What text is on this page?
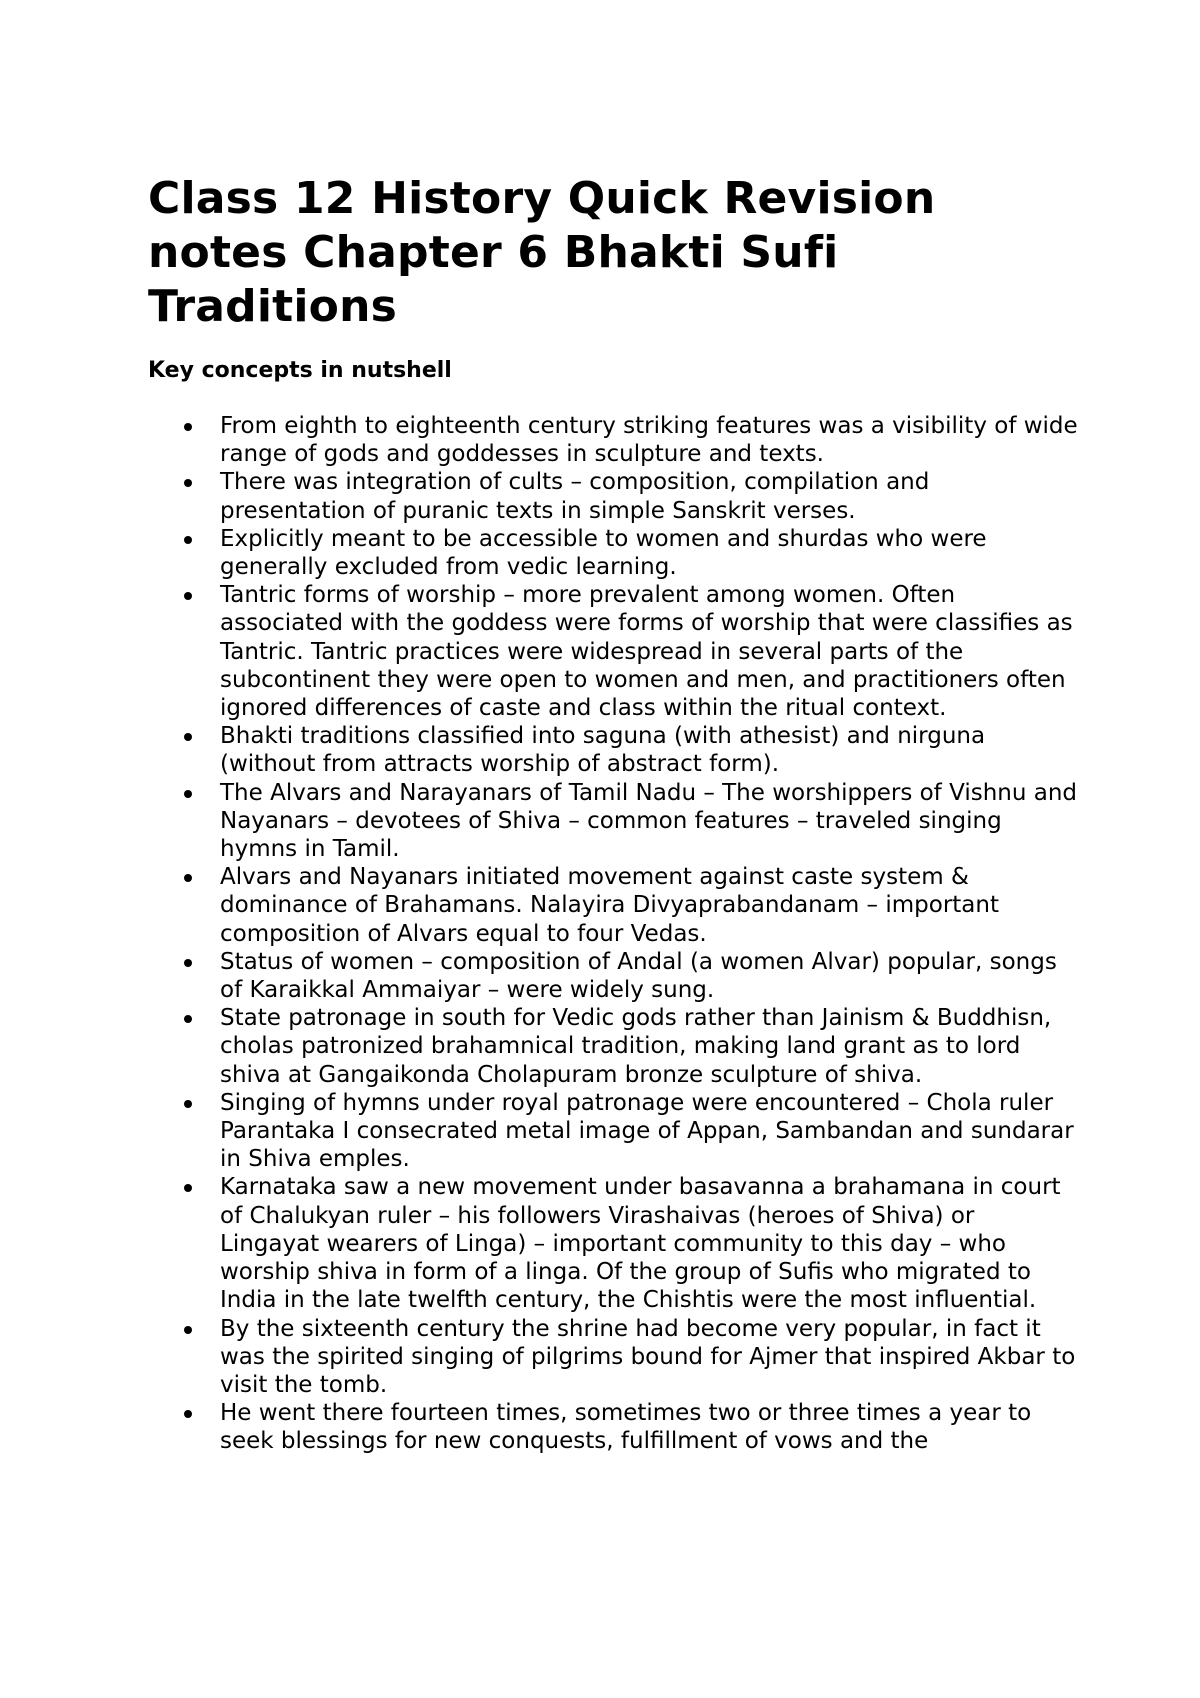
Class 12 History Quick Revision notes Chapter 6 Bhakti Sufi Traditions
Key concepts in nutshell
From eighth to eighteenth century striking features was a visibility of wide range of gods and goddesses in sculpture and texts.
There was integration of cults – composition, compilation and presentation of puranic texts in simple Sanskrit verses.
Explicitly meant to be accessible to women and shurdas who were generally excluded from vedic learning.
Tantric forms of worship – more prevalent among women. Often associated with the goddess were forms of worship that were classifies as Tantric. Tantric practices were widespread in several parts of the subcontinent they were open to women and men, and practitioners often ignored differences of caste and class within the ritual context.
Bhakti traditions classified into saguna (with athesist) and nirguna (without from attracts worship of abstract form).
The Alvars and Narayanars of Tamil Nadu – The worshippers of Vishnu and Nayanars – devotees of Shiva – common features – traveled singing hymns in Tamil.
Alvars and Nayanars initiated movement against caste system & dominance of Brahamans. Nalayira Divyaprabandanam – important composition of Alvars equal to four Vedas.
Status of women – composition of Andal (a women Alvar) popular, songs of Karaikkal Ammaiyar – were widely sung.
State patronage in south for Vedic gods rather than Jainism & Buddhisn, cholas patronized brahamnical tradition, making land grant as to lord shiva at Gangaikonda Cholapuram bronze sculpture of shiva.
Singing of hymns under royal patronage were encountered – Chola ruler Parantaka I consecrated metal image of Appan, Sambandan and sundarar in Shiva emples.
Karnataka saw a new movement under basavanna a brahamana in court of Chalukyan ruler – his followers Virashaivas (heroes of Shiva) or Lingayat wearers of Linga) – important community to this day – who worship shiva in form of a linga. Of the group of Sufis who migrated to India in the late twelfth century, the Chishtis were the most influential.
By the sixteenth century the shrine had become very popular, in fact it was the spirited singing of pilgrims bound for Ajmer that inspired Akbar to visit the tomb.
He went there fourteen times, sometimes two or three times a year to seek blessings for new conquests, fulfillment of vows and the
